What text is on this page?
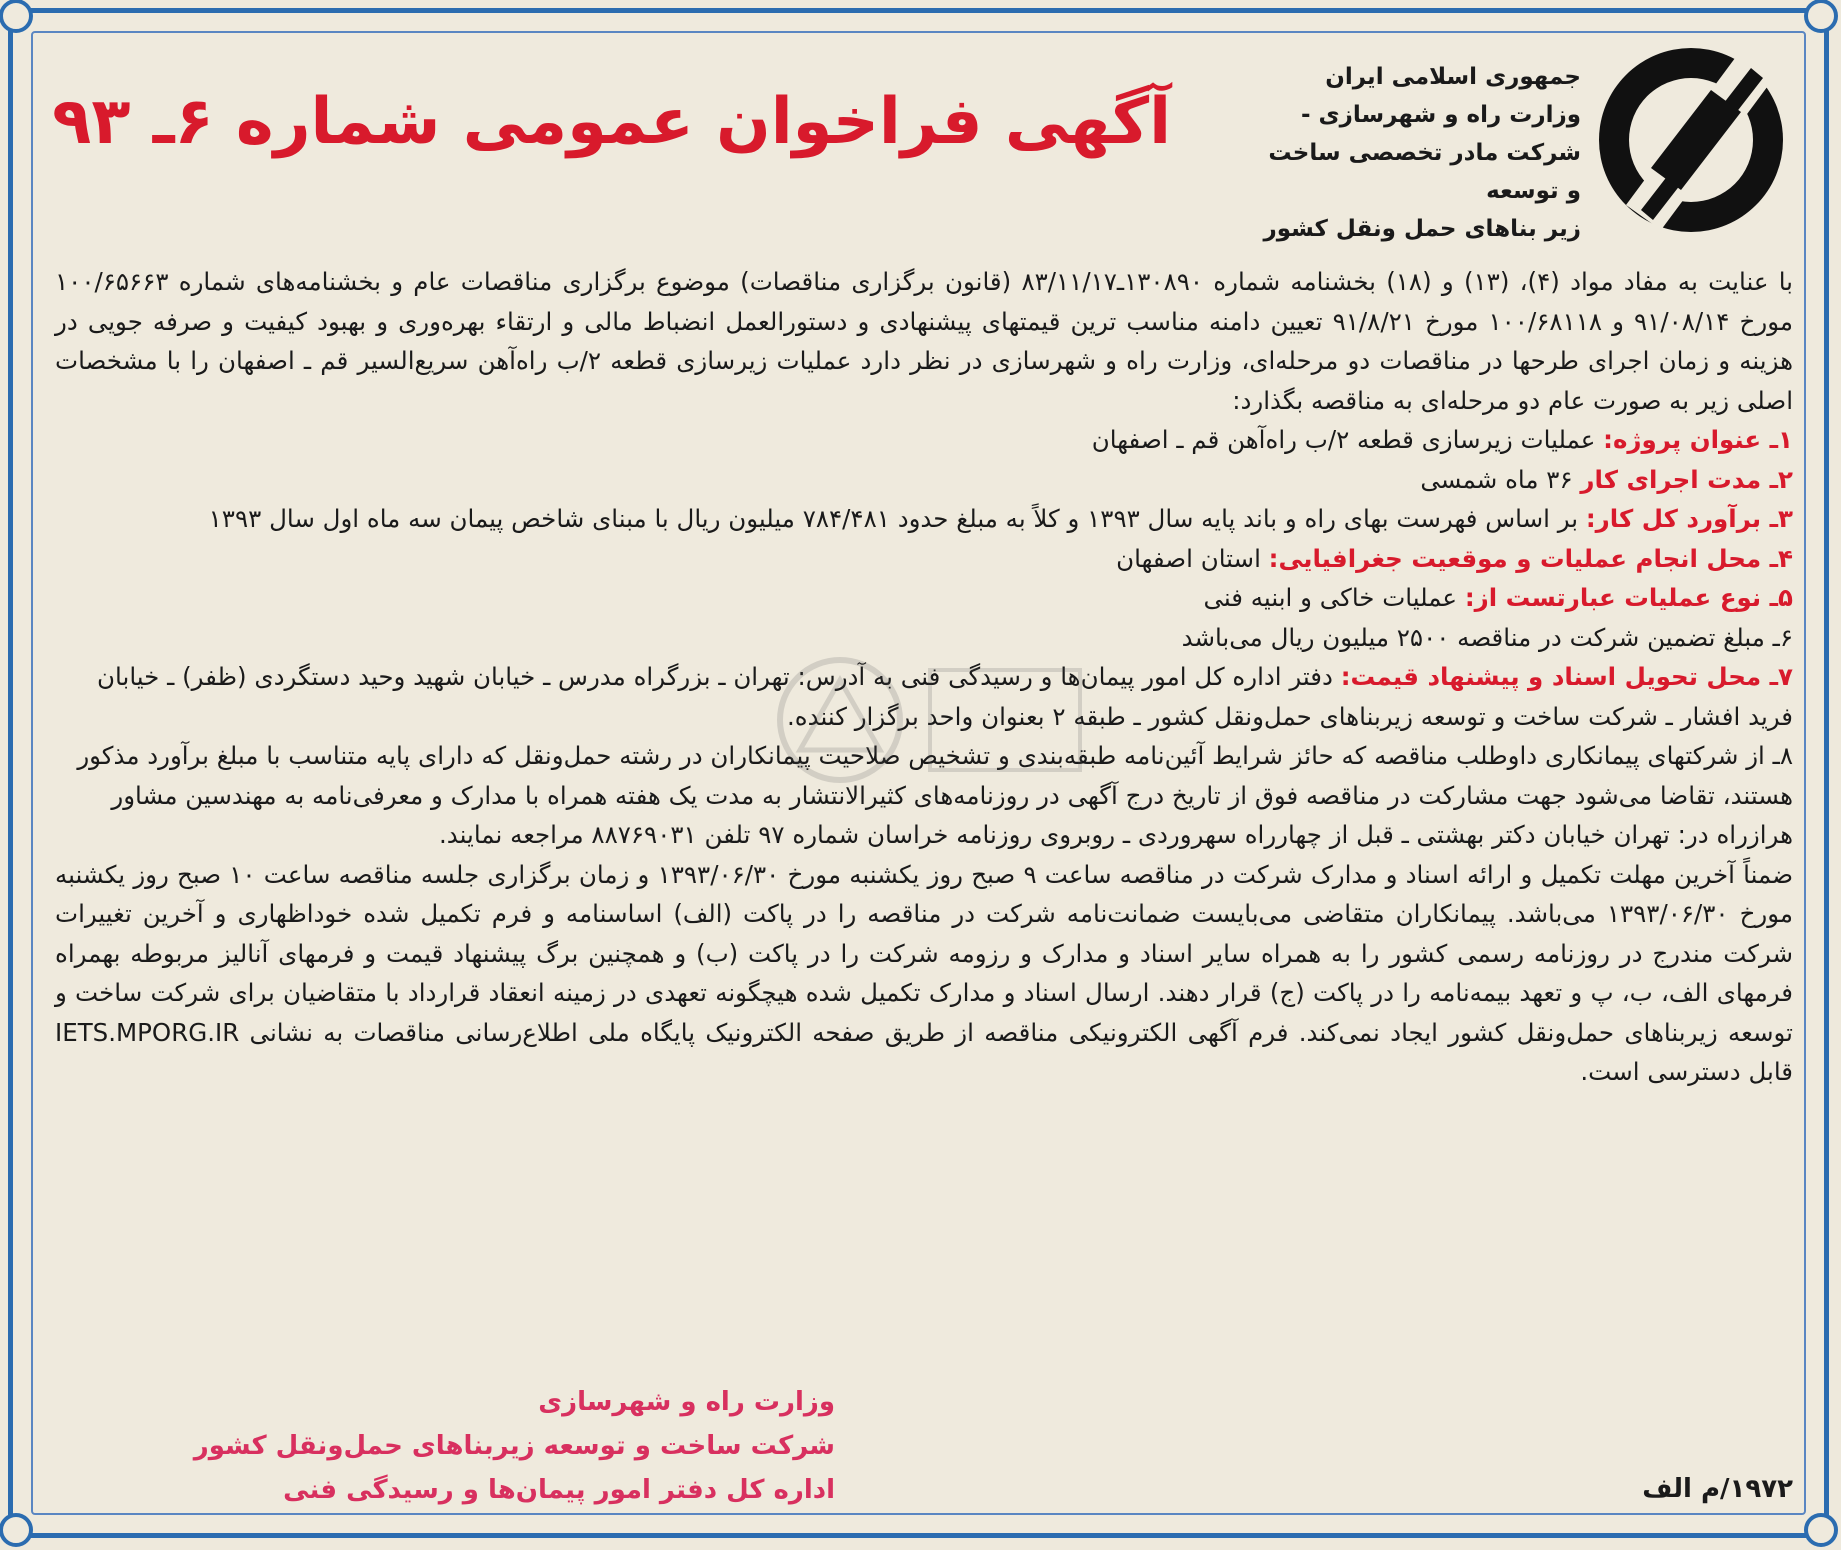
جمهوری اسلامی ایران
وزارت راه و شهرسازی -
شرکت مادر تخصصی ساخت و توسعه
زیر بناهای حمل ونقل کشور
آگهی فراخوان عمومی شماره ۶ـ ۹۳

با عنایت به مفاد مواد (۴)، (۱۳) و (۱۸) بخشنامه شماره ۱۳۰۸۹۰ـ۸۳/۱۱/۱۷ (قانون برگزاری مناقصات) موضوع برگزاری مناقصات عام و بخشنامه‌های شماره ۱۰۰/۶۵۶۶۳ مورخ ۹۱/۰۸/۱۴ و ۱۰۰/۶۸۱۱۸ مورخ ۹۱/۸/۲۱ تعیین دامنه مناسب ترین قیمتهای پیشنهادی و دستورالعمل انضباط مالی و ارتقاء بهره‌وری و بهبود کیفیت و صرفه جویی در هزینه و زمان اجرای طرحها در مناقصات دو مرحله‌ای، وزارت راه و شهرسازی در نظر دارد عملیات زیرسازی قطعه ۲/ب راه‌آهن سریع‌السیر قم ـ اصفهان را با مشخصات اصلی زیر به صورت عام دو مرحله‌ای به مناقصه بگذارد:

۱ـ عنوان پروژه: عملیات زیرسازی قطعه ۲/ب راه‌آهن قم ـ اصفهان

۲ـ مدت اجرای کار ۳۶ ماه شمسی

۳ـ برآورد کل کار: بر اساس فهرست بهای راه و باند پایه سال ۱۳۹۳ و کلاً به مبلغ حدود ۷۸۴/۴۸۱ میلیون ریال با مبنای شاخص پیمان سه ماه اول سال ۱۳۹۳

۴ـ محل انجام عملیات و موقعیت جغرافیایی: استان اصفهان

۵ـ نوع عملیات عبارتست از: عملیات خاکی و ابنیه فنی

۶ـ مبلغ تضمین شرکت در مناقصه ۲۵۰۰ میلیون ریال می‌باشد

۷ـ محل تحویل اسناد و پیشنهاد قیمت: دفتر اداره کل امور پیمان‌ها و رسیدگی فنی به آدرس: تهران ـ بزرگراه مدرس ـ خیابان شهید وحید دستگردی (ظفر) ـ خیابان فرید افشار ـ شرکت ساخت و توسعه زیربناهای حمل‌ونقل کشور ـ طبقه ۲ بعنوان واحد برگزار کننده.

۸ـ از شرکتهای پیمانکاری داوطلب مناقصه که حائز شرایط آئین‌نامه طبقه‌بندی و تشخیص صلاحیت پیمانکاران در رشته حمل‌ونقل که دارای پایه متناسب با مبلغ برآورد مذکور هستند، تقاضا می‌شود جهت مشارکت در مناقصه فوق از تاریخ درج آگهی در روزنامه‌های کثیرالانتشار به مدت یک هفته همراه با مدارک و معرفی‌نامه به مهندسین مشاور هرازراه در: تهران خیابان دکتر بهشتی ـ قبل از چهارراه سهروردی ـ روبروی روزنامه خراسان شماره ۹۷ تلفن ۸۸۷۶۹۰۳۱ مراجعه نمایند.

ضمناً آخرین مهلت تکمیل و ارائه اسناد و مدارک شرکت در مناقصه ساعت ۹ صبح روز یکشنبه مورخ ۱۳۹۳/۰۶/۳۰ و زمان برگزاری جلسه مناقصه ساعت ۱۰ صبح روز یکشنبه مورخ ۱۳۹۳/۰۶/۳۰ می‌باشد. پیمانکاران متقاضی می‌بایست ضمانت‌نامه شرکت در مناقصه را در پاکت (الف) اساسنامه و فرم تکمیل شده خوداظهاری و آخرین تغییرات شرکت مندرج در روزنامه رسمی کشور را به همراه سایر اسناد و مدارک و رزومه شرکت را در پاکت (ب) و همچنین برگ پیشنهاد قیمت و فرمهای آنالیز مربوطه بهمراه فرمهای الف، ب، پ و تعهد بیمه‌نامه را در پاکت (ج) قرار دهند. ارسال اسناد و مدارک تکمیل شده هیچگونه تعهدی در زمینه انعقاد قرارداد با متقاضیان برای شرکت ساخت و توسعه زیربناهای حمل‌ونقل کشور ایجاد نمی‌کند. فرم آگهی الکترونیکی مناقصه از طریق صفحه الکترونیک پایگاه ملی اطلاع‌رسانی مناقصات به نشانی IETS.MPORG.IR قابل دسترسی است.

وزارت راه و شهرسازی
شرکت ساخت و توسعه زیربناهای حمل‌ونقل کشور
اداره کل دفتر امور پیمان‌ها و رسیدگی فنی	۱۹۷۲/م الف
